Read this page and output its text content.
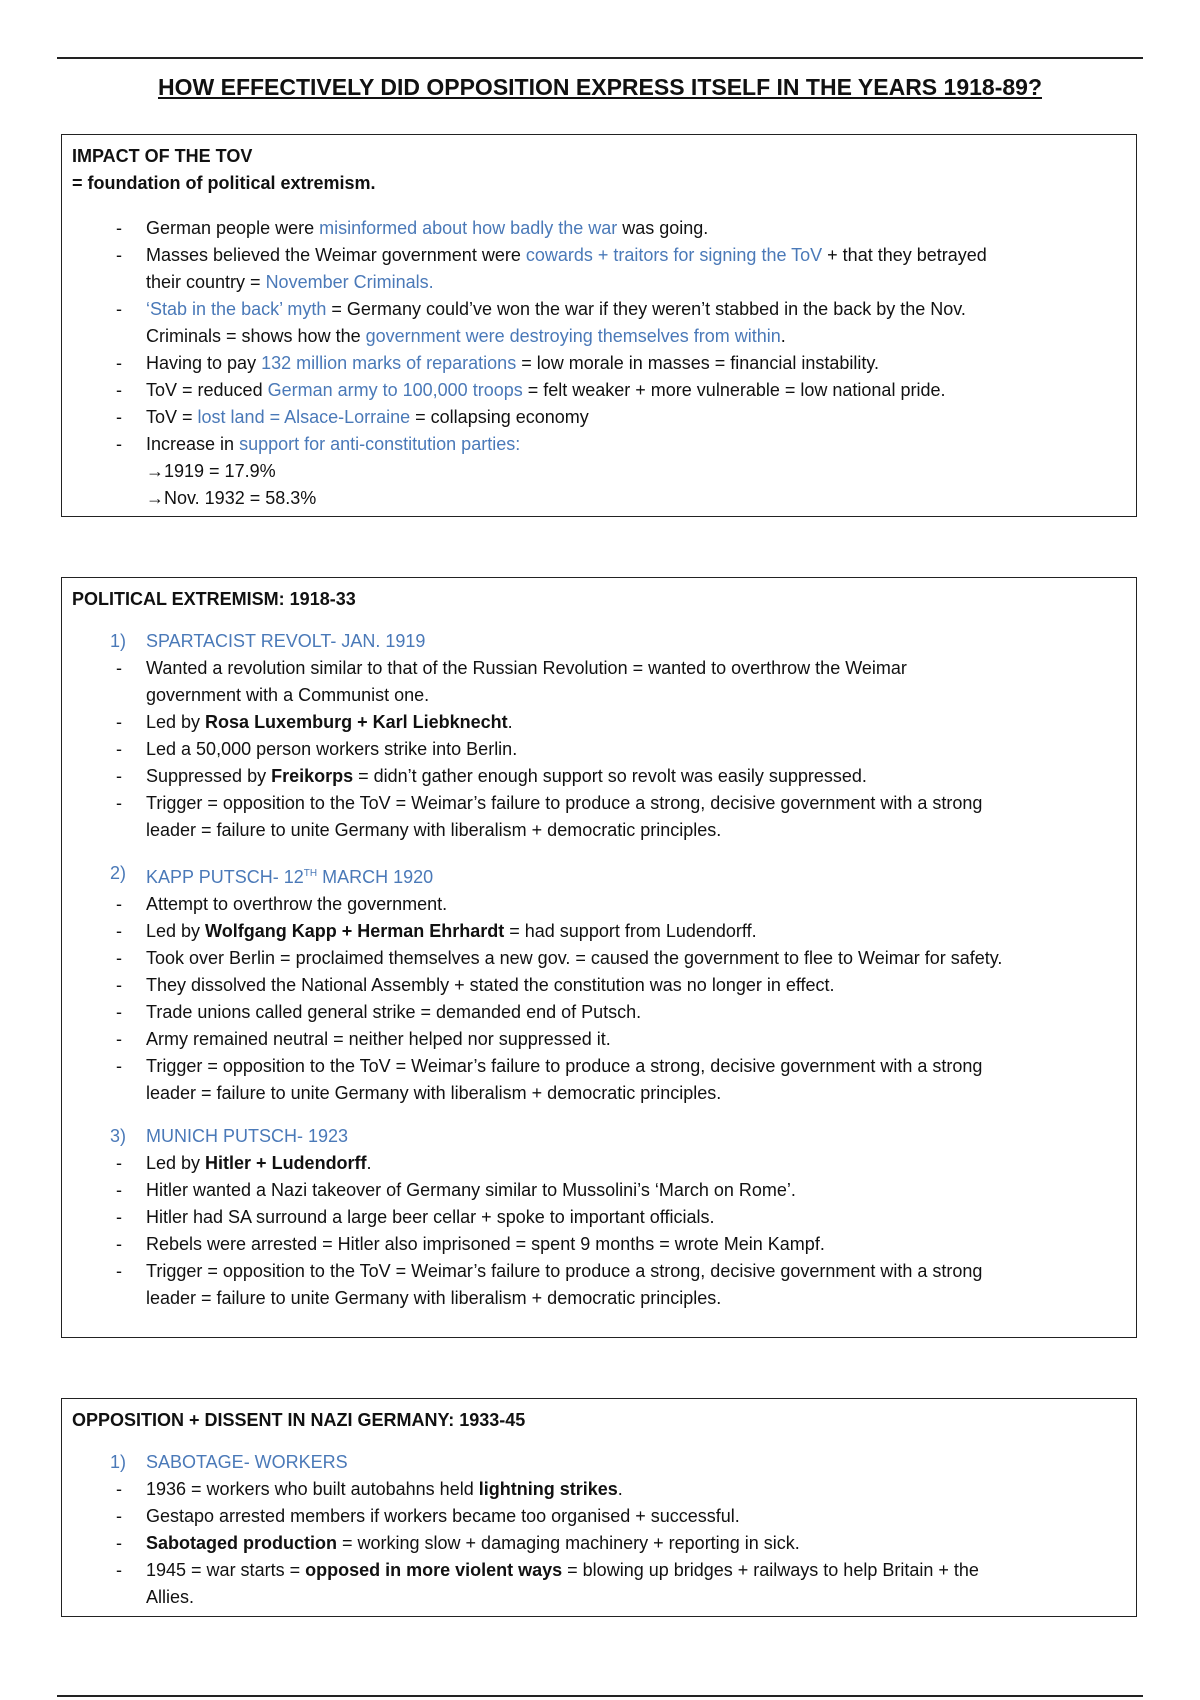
HOW EFFECTIVELY DID OPPOSITION EXPRESS ITSELF IN THE YEARS 1918-89?
IMPACT OF THE TOV
= foundation of political extremism.
- German people were misinformed about how badly the war was going.
- Masses believed the Weimar government were cowards + traitors for signing the ToV + that they betrayed
their country = November Criminals.
- ‘Stab in the back’ myth = Germany could’ve won the war if they weren’t stabbed in the back by the Nov.
Criminals = shows how the government were destroying themselves from within.
- Having to pay 132 million marks of reparations = low morale in masses = financial instability.
- ToV = reduced German army to 100,000 troops = felt weaker + more vulnerable = low national pride.
- ToV = lost land = Alsace-Lorraine = collapsing economy
- Increase in support for anti-constitution parties:
→1919 = 17.9%
→Nov. 1932 = 58.3%
POLITICAL EXTREMISM: 1918-33
1) SPARTACIST REVOLT- JAN. 1919
- Wanted a revolution similar to that of the Russian Revolution = wanted to overthrow the Weimar
government with a Communist one.
- Led by Rosa Luxemburg + Karl Liebknecht.
- Led a 50,000 person workers strike into Berlin.
- Suppressed by Freikorps = didn’t gather enough support so revolt was easily suppressed.
- Trigger = opposition to the ToV = Weimar’s failure to produce a strong, decisive government with a strong
leader = failure to unite Germany with liberalism + democratic principles.
2) KAPP PUTSCH- 12TH MARCH 1920
- Attempt to overthrow the government.
- Led by Wolfgang Kapp + Herman Ehrhardt = had support from Ludendorff.
- Took over Berlin = proclaimed themselves a new gov. = caused the government to flee to Weimar for safety.
- They dissolved the National Assembly + stated the constitution was no longer in effect.
- Trade unions called general strike = demanded end of Putsch.
- Army remained neutral = neither helped nor suppressed it.
- Trigger = opposition to the ToV = Weimar’s failure to produce a strong, decisive government with a strong
leader = failure to unite Germany with liberalism + democratic principles.
3) MUNICH PUTSCH- 1923
- Led by Hitler + Ludendorff.
- Hitler wanted a Nazi takeover of Germany similar to Mussolini’s ‘March on Rome’.
- Hitler had SA surround a large beer cellar + spoke to important officials.
- Rebels were arrested = Hitler also imprisoned = spent 9 months = wrote Mein Kampf.
- Trigger = opposition to the ToV = Weimar’s failure to produce a strong, decisive government with a strong
leader = failure to unite Germany with liberalism + democratic principles.
OPPOSITION + DISSENT IN NAZI GERMANY: 1933-45
1) SABOTAGE- WORKERS
- 1936 = workers who built autobahns held lightning strikes.
- Gestapo arrested members if workers became too organised + successful.
- Sabotaged production = working slow + damaging machinery + reporting in sick.
- 1945 = war starts = opposed in more violent ways = blowing up bridges + railways to help Britain + the
Allies.
